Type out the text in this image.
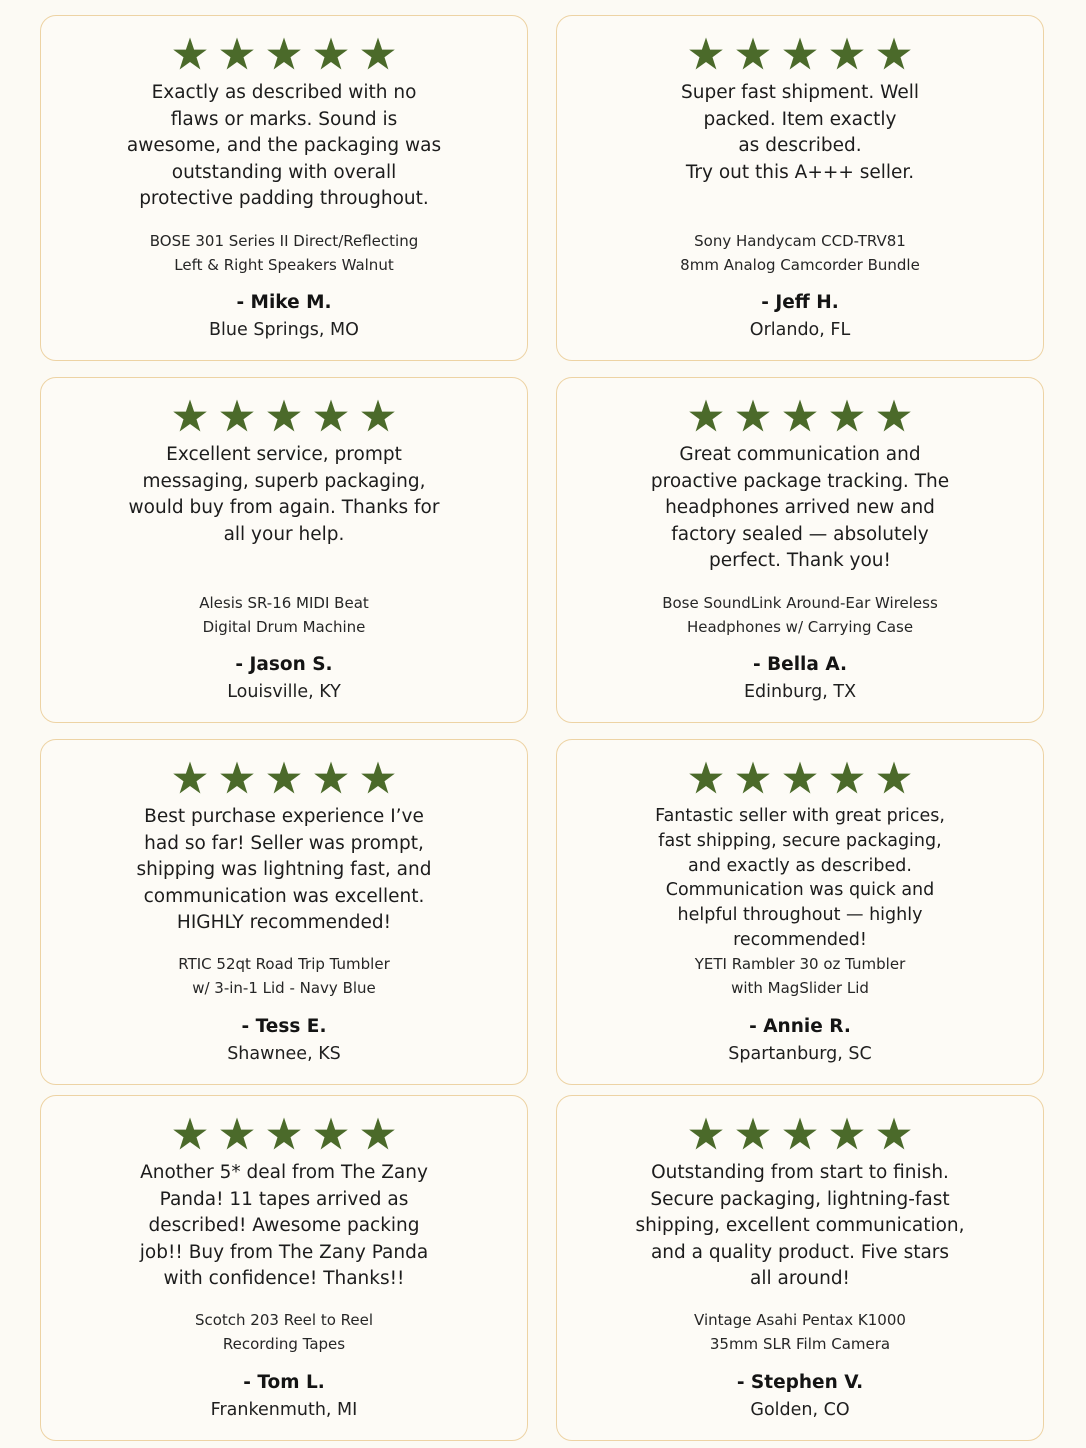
Exactly as described with no
flaws or marks. Sound is
awesome, and the packaging was
outstanding with overall
protective padding throughout.
BOSE 301 Series II Direct/Reflecting
Left & Right Speakers Walnut
- Mike M.
Blue Springs, MO
Super fast shipment. Well
packed. Item exactly
as described.
Try out this A+++ seller.
Sony Handycam CCD-TRV81
8mm Analog Camcorder Bundle
- Jeff H.
Orlando, FL
Excellent service, prompt
messaging, superb packaging,
would buy from again. Thanks for
all your help.
Alesis SR-16 MIDI Beat
Digital Drum Machine
- Jason S.
Louisville, KY
Great communication and
proactive package tracking. The
headphones arrived new and
factory sealed — absolutely
perfect. Thank you!
Bose SoundLink Around-Ear Wireless
Headphones w/ Carrying Case
- Bella A.
Edinburg, TX
Best purchase experience I’ve
had so far! Seller was prompt,
shipping was lightning fast, and
communication was excellent.
HIGHLY recommended!
RTIC 52qt Road Trip Tumbler
w/ 3-in-1 Lid - Navy Blue
- Tess E.
Shawnee, KS
Fantastic seller with great prices,
fast shipping, secure packaging,
and exactly as described.
Communication was quick and
helpful throughout — highly
recommended!
YETI Rambler 30 oz Tumbler
with MagSlider Lid
- Annie R.
Spartanburg, SC
Another 5* deal from The Zany
Panda! 11 tapes arrived as
described! Awesome packing
job!! Buy from The Zany Panda
with confidence! Thanks!!
Scotch 203 Reel to Reel
Recording Tapes
- Tom L.
Frankenmuth, MI
Outstanding from start to finish.
Secure packaging, lightning-fast
shipping, excellent communication,
and a quality product. Five stars
all around!
Vintage Asahi Pentax K1000
35mm SLR Film Camera
- Stephen V.
Golden, CO
